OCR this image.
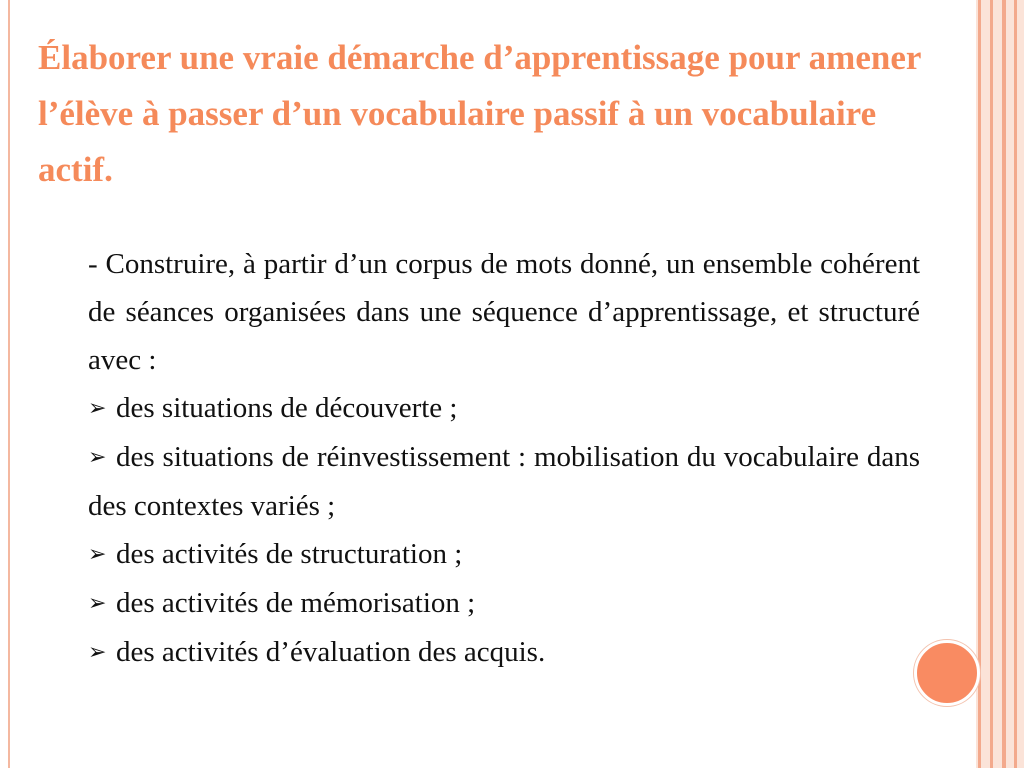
Élaborer une vraie démarche d’apprentissage pour amener l’élève à passer d’un vocabulaire passif à un vocabulaire actif.

- Construire, à partir d’un corpus de mots donné, un ensemble cohérent de séances organisées dans une séquence d’apprentissage, et structuré avec :

➢ des situations de découverte ;

➢ des situations de réinvestissement : mobilisation du vocabulaire dans des contextes variés ;

➢ des activités de structuration ;

➢ des activités de mémorisation ;

➢ des activités d’évaluation des acquis.
